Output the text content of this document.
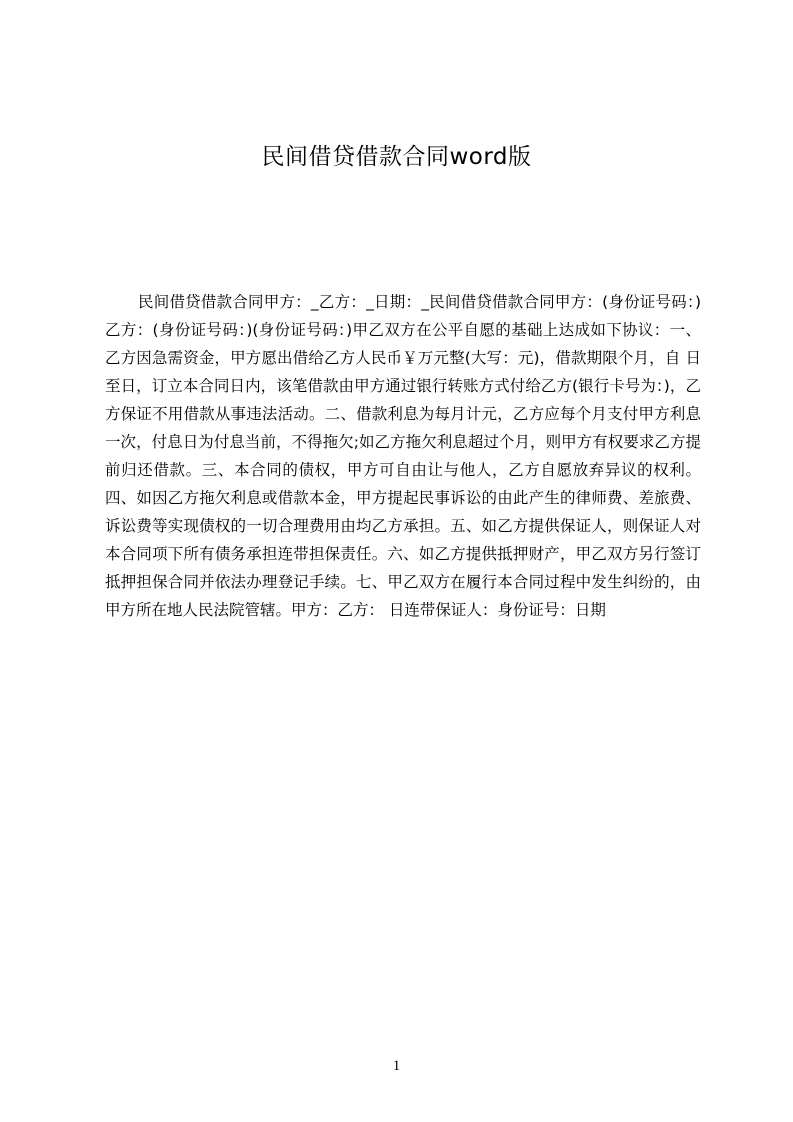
民间借贷借款合同word版

民间借贷借款合同甲方：_乙方：_日期：_民间借贷借款合同甲方：(身份证号码：)乙方：(身份证号码：)(身份证号码：)甲乙双方在公平自愿的基础上达成如下协议：一、乙方因急需资金，甲方愿出借给乙方人民币￥万元整(大写：元)，借款期限个月，自 日至日，订立本合同日内，该笔借款由甲方通过银行转账方式付给乙方(银行卡号为：)，乙方保证不用借款从事违法活动。二、借款利息为每月计元，乙方应每个月支付甲方利息一次，付息日为付息当前，不得拖欠;如乙方拖欠利息超过个月，则甲方有权要求乙方提前归还借款。三、本合同的债权，甲方可自由让与他人，乙方自愿放弃异议的权利。四、如因乙方拖欠利息或借款本金，甲方提起民事诉讼的由此产生的律师费、差旅费、诉讼费等实现债权的一切合理费用由均乙方承担。五、如乙方提供保证人，则保证人对本合同项下所有债务承担连带担保责任。六、如乙方提供抵押财产，甲乙双方另行签订抵押担保合同并依法办理登记手续。七、甲乙双方在履行本合同过程中发生纠纷的，由甲方所在地人民法院管辖。甲方：乙方： 日连带保证人：身份证号：日期

1
